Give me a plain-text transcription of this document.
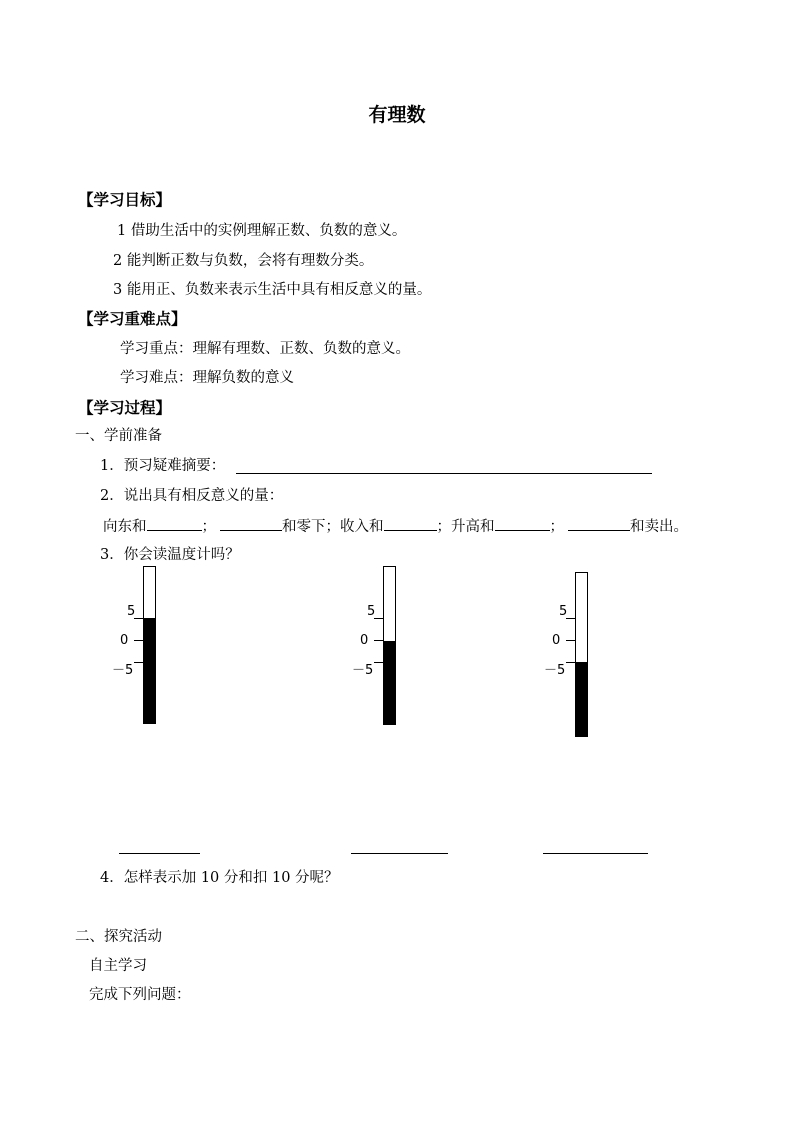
有理数
【学习目标】
1 借助生活中的实例理解正数、负数的意义。
2 能判断正数与负数，会将有理数分类。
3 能用正、负数来表示生活中具有相反意义的量。
【学习重难点】
学习重点：理解有理数、正数、负数的意义。
学习难点：理解负数的意义
【学习过程】
一、学前准备
1．预习疑难摘要：
2．说出具有相反意义的量：
向东和	；	和零下；收入和	；升高和	；	和卖出。
3．你会读温度计吗？
5
0
－5
5
0
－5
5
0
－5
4．怎样表示加 10 分和扣 10 分呢？
二、探究活动
自主学习
完成下列问题：
